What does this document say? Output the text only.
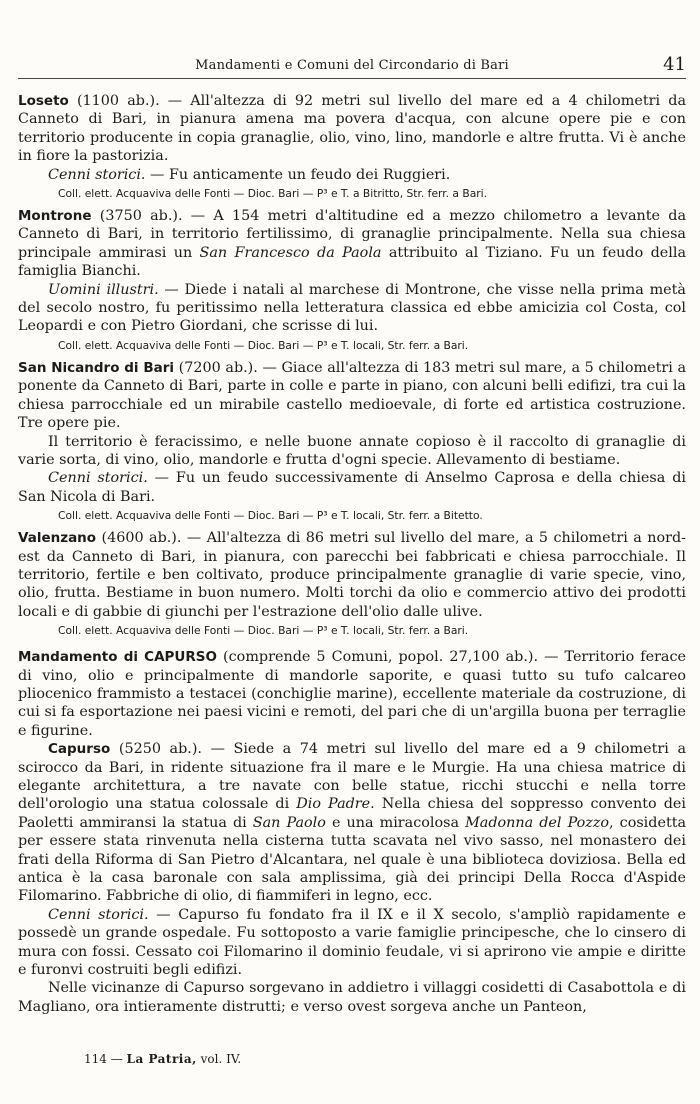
Mandamenti e Comuni del Circondario di Bari	41

Loseto (1100 ab.). — All'altezza di 92 metri sul livello del mare ed a 4 chilometri da Canneto di Bari, in pianura amena ma povera d'acqua, con alcune opere pie e con territorio producente in copia granaglie, olio, vino, lino, mandorle e altre frutta. Vi è anche in fiore la pastorizia.

Cenni storici. — Fu anticamente un feudo dei Ruggieri.

Coll. elett. Acquaviva delle Fonti — Dioc. Bari — P³ e T. a Bitritto, Str. ferr. a Bari.

Montrone (3750 ab.). — A 154 metri d'altitudine ed a mezzo chilometro a levante da Canneto di Bari, in territorio fertilissimo, di granaglie principalmente. Nella sua chiesa principale ammirasi un San Francesco da Paola attribuito al Tiziano. Fu un feudo della famiglia Bianchi.

Uomini illustri. — Diede i natali al marchese di Montrone, che visse nella prima metà del secolo nostro, fu peritissimo nella letteratura classica ed ebbe amicizia col Costa, col Leopardi e con Pietro Giordani, che scrisse di lui.

Coll. elett. Acquaviva delle Fonti — Dioc. Bari — P³ e T. locali, Str. ferr. a Bari.

San Nicandro di Bari (7200 ab.). — Giace all'altezza di 183 metri sul mare, a 5 chilometri a ponente da Canneto di Bari, parte in colle e parte in piano, con alcuni belli edifizi, tra cui la chiesa parrocchiale ed un mirabile castello medioevale, di forte ed artistica costruzione. Tre opere pie.

Il territorio è feracissimo, e nelle buone annate copioso è il raccolto di granaglie di varie sorta, di vino, olio, mandorle e frutta d'ogni specie. Allevamento di bestiame.

Cenni storici. — Fu un feudo successivamente di Anselmo Caprosa e della chiesa di San Nicola di Bari.

Coll. elett. Acquaviva delle Fonti — Dioc. Bari — P³ e T. locali, Str. ferr. a Bitetto.

Valenzano (4600 ab.). — All'altezza di 86 metri sul livello del mare, a 5 chilometri a nord-est da Canneto di Bari, in pianura, con parecchi bei fabbricati e chiesa parrocchiale. Il territorio, fertile e ben coltivato, produce principalmente granaglie di varie specie, vino, olio, frutta. Bestiame in buon numero. Molti torchi da olio e commercio attivo dei prodotti locali e di gabbie di giunchi per l'estrazione dell'olio dalle ulive.

Coll. elett. Acquaviva delle Fonti — Dioc. Bari — P³ e T. locali, Str. ferr. a Bari.

Mandamento di CAPURSO (comprende 5 Comuni, popol. 27,100 ab.). — Territorio ferace di vino, olio e principalmente di mandorle saporite, e quasi tutto su tufo calcareo pliocenico frammisto a testacei (conchiglie marine), eccellente materiale da costruzione, di cui si fa esportazione nei paesi vicini e remoti, del pari che di un'argilla buona per terraglie e figurine.

Capurso (5250 ab.). — Siede a 74 metri sul livello del mare ed a 9 chilometri a scirocco da Bari, in ridente situazione fra il mare e le Murgie. Ha una chiesa matrice di elegante architettura, a tre navate con belle statue, ricchi stucchi e nella torre dell'orologio una statua colossale di Dio Padre. Nella chiesa del soppresso convento dei Paoletti ammiransi la statua di San Paolo e una miracolosa Madonna del Pozzo, cosidetta per essere stata rinvenuta nella cisterna tutta scavata nel vivo sasso, nel monastero dei frati della Riforma di San Pietro d'Alcantara, nel quale è una biblioteca doviziosa. Bella ed antica è la casa baronale con sala amplissima, già dei principi Della Rocca d'Aspide Filomarino. Fabbriche di olio, di fiammiferi in legno, ecc.

Cenni storici. — Capurso fu fondato fra il IX e il X secolo, s'ampliò rapidamente e possedè un grande ospedale. Fu sottoposto a varie famiglie principesche, che lo cinsero di mura con fossi. Cessato coi Filomarino il dominio feudale, vi si aprirono vie ampie e diritte e furonvi costruiti begli edifizi.

Nelle vicinanze di Capurso sorgevano in addietro i villaggi cosidetti di Casabottola e di Magliano, ora intieramente distrutti; e verso ovest sorgeva anche un Panteon,

114 — La Patria, vol. IV.
